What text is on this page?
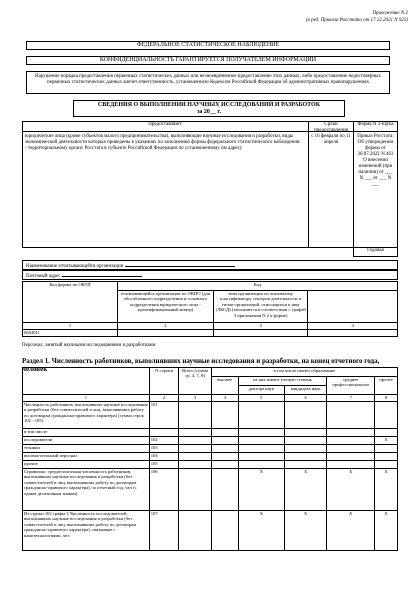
Приложение N 2
(в ред. Приказа Росстата от 17.12.2021 N 925)
ФЕДЕРАЛЬНОЕ СТАТИСТИЧЕСКОЕ НАБЛЮДЕНИЕ
КОНФИДЕНЦИАЛЬНОСТЬ ГАРАНТИРУЕТСЯ ПОЛУЧАТЕЛЕМ ИНФОРМАЦИИ
Нарушение порядка предоставления первичных статистических данных или несвоевременное предоставление этих данных, либо предоставление недостоверных первичных статистических данных влечет ответственность, установленную Кодексом Российской Федерации об административных правонарушениях
СВЕДЕНИЯ О ВЫПОЛНЕНИИ НАУЧНЫХ ИССЛЕДОВАНИЙ И РАЗРАБОТОК
за 20__ г.
Предоставляют:	Сроки предоставления
Форма N 2-наука
юридические лица (кроме субъектов малого предпринимательства), выполняющие научные исследования и разработки, виды экономической деятельности которых приведены в указаниях по заполнению формы федерального статистического наблюдения:
- территориальному органу Росстата в субъекте Российской Федерации по установленному им адресу
с 16 февраля по 11 апреля
Приказ Росстата: Об утверждении формы от 30.07.2021 N 463 О внесении изменений (при наличии) от ___ N ___ от ___ N ___
Годовая
Наименование отчитывающейся организации
Почтовый адрес
Код формы по ОКУД	Код		
	отчитывающейся организации по ОКПО (для обособленного подразделения и головного подразделения юридического лица - идентификационный номер)	типа организации по локальному классификатору секторов деятельности и типов организаций, относящихся к ним (ЛКСД) (заполняется в соответствии с графой 3 приложения N 2 к форме)	
1	2	3	4
0604011			
Персонал, занятый научными исследованиями и разработками
Раздел 1. Численность работников, выполнявших научные исследования и разработки, на конец отчетного года, человек
		N строки	Всего (сумма гр. 4, 7, 8)	в том числе имеют образование				
			высшее	из них имеют ученую степень		среднее профессиональное	прочее
				доктора наук	кандидата наук		
1	2	3	4	5	6	7	8
Численность работников, выполнявших научные исследования и разработки (без совместителей и лиц, выполнявших работу по договорам гражданско-правового характера) (сумма строк 102 - 105)	101						
в том числе:							
исследователи	102						X
техники	103						
вспомогательный персонал	104						
прочие	105						
Справочно: среднесписочная численность работников, выполнявших научные исследования и разработки (без совместителей и лиц, выполнявших работу по договорам гражданско-правового характера), за отчетный год, чел (с одним десятичным знаком)	106			X	X	X	X
Из строки 102 графы 3 Численность исследователей, выполнявших научные исследования и разработки (без совместителей и лиц, выполнявших работу по договорам гражданско-правового характера), связанные с нанотехнологиями, чел	107			X	X	X	X
